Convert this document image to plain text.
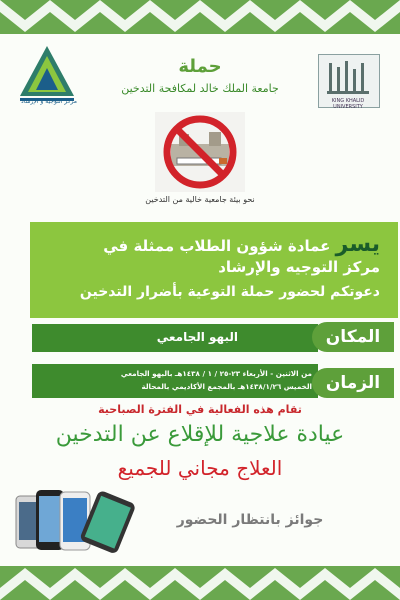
مركز التوجيه و الإرشاد	KING KHALID UNIVERSITY
حملة
جامعة الملك خالد لمكافحة التدخين
نحو بيئة جامعية خالية من التدخين
يسر عمادة شؤون الطلاب ممثلة في
مركز التوجيه والإرشاد
دعوتكم لحضور حملة التوعية بأضرار التدخين
البهو الجامعي	المكان
من الاثنين - الأربعاء ٢٣-٢٥ / ١ / ١٤٣٨هـ بالبهو الجامعي
الخميس ١٤٣٨/١/٢٦هـ بالمجمع الأكاديمي بالمحالة الزمان
تقام هذه الفعالية في الفترة الصباحية
عيادة علاجية للإقلاع عن التدخين
العلاج مجاني للجميع
جوائز بانتظار الحضور
